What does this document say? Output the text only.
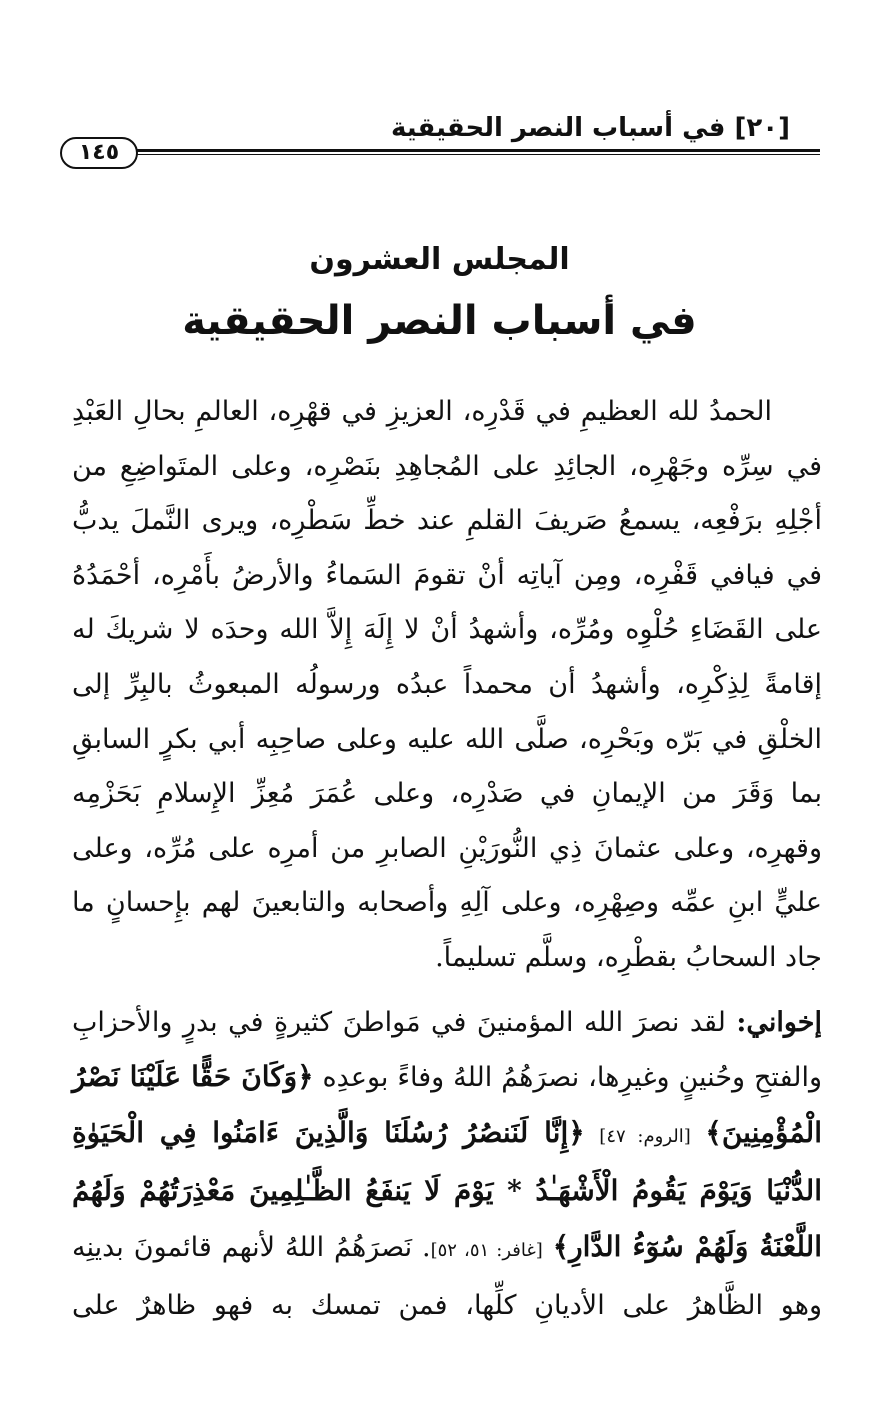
[٢٠] في أسباب النصر الحقيقية
١٤٥
المجلس العشرون
في أسباب النصر الحقيقية

الحمدُ لله العظيمِ في قَدْرِه، العزيزِ في قهْرِه، العالمِ بحالِ العَبْدِ في سِرِّه وجَهْرِه، الجائِدِ على المُجاهِدِ بنَصْرِه، وعلى المتَواضِعِ من أجْلِهِ برَفْعِه، يسمعُ صَريفَ القلمِ عند خطِّ سَطْرِه، ويرى النَّملَ يدبُّ في فيافي قَفْرِه، ومِن آياتِه أنْ تقومَ السَماءُ والأرضُ بأَمْرِه، أحْمَدُهُ على القَضَاءِ حُلْوِه ومُرِّه، وأشهدُ أنْ لا إِلَهَ إِلاَّ الله وحدَه لا شريكَ له إقامةً لِذِكْرِه، وأشهدُ أن محمداً عبدُه ورسولُه المبعوثُ بالبِرِّ إلى الخلْقِ في بَرّه وبَحْرِه، صلَّى الله عليه وعلى صاحِبِه أبي بكرٍ السابقِ بما وَقَرَ من الإيمانِ في صَدْرِه، وعلى عُمَرَ مُعِزِّ الإِسلامِ بَحَزْمِه وقهرِه، وعلى عثمانَ ذِي النُّورَيْنِ الصابرِ من أمرِه على مُرِّه، وعلى عليٍّ ابنِ عمِّه وصِهْرِه، وعلى آلِهِ وأصحابه والتابعينَ لهم بإِحسانٍ ما جاد السحابُ بقطْرِه، وسلَّم تسليماً.

إخواني: لقد نصرَ الله المؤمنينَ في مَواطنَ كثيرةٍ في بدرٍ والأحزابِ والفتحِ وحُنينٍ وغيرِها، نصرَهُمُ اللهُ وفاءً بوعدِه ﴿وَكَانَ حَقًّا عَلَيْنَا نَصْرُ الْمُؤْمِنِينَ﴾ [الروم: ٤٧] ﴿إِنَّا لَنَنصُرُ رُسُلَنَا وَالَّذِينَ ءَامَنُوا فِي الْحَيَوٰةِ الدُّنْيَا وَيَوْمَ يَقُومُ الْأَشْهَـٰدُ * يَوْمَ لَا يَنفَعُ الظَّـٰلِمِينَ مَعْذِرَتُهُمْ وَلَهُمُ اللَّعْنَةُ وَلَهُمْ سُوٓءُ الدَّارِ﴾ [غافر: ٥١، ٥٢]. نَصرَهُمُ اللهُ لأنهم قائمونَ بدينِه وهو الظَّاهرُ على الأديانِ كلِّها، فمن تمسك به فهو ظاهرٌ على
